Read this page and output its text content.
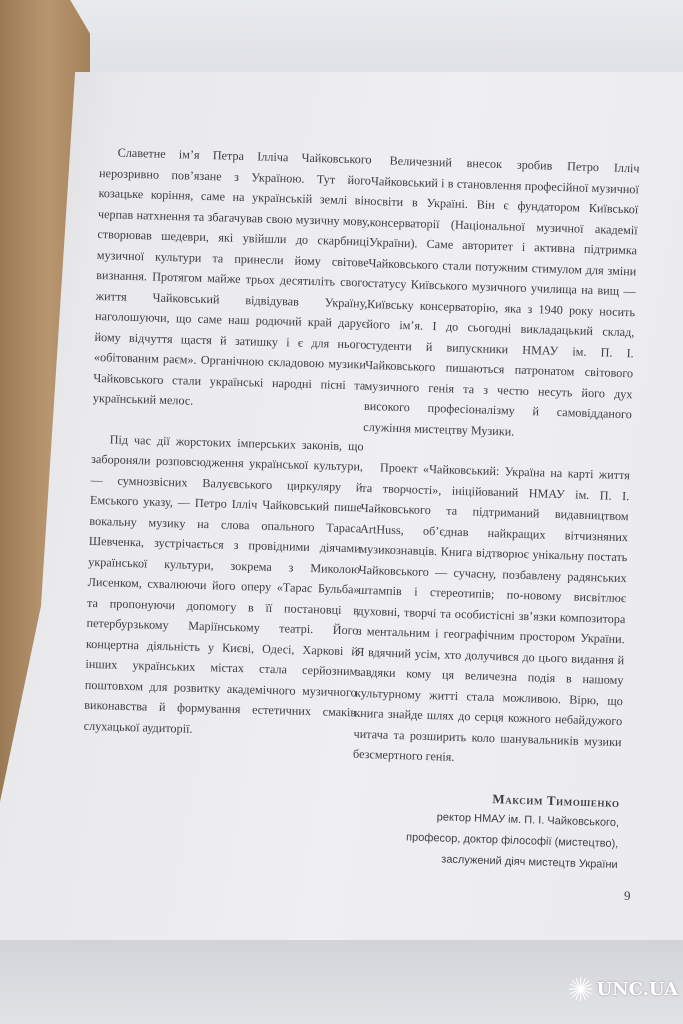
Славетне ім’я Петра Ілліча Чайковського нерозривно пов’язане з Україною. Тут його козацьке коріння, саме на українській землі він черпав натхнення та збагачував свою музичну мову, створював шедеври, які увійшли до скарбниці музичної культури та принесли йому світове визнання. Протягом майже трьох десятиліть свого життя Чайковський відвідував Україну, наголошуючи, що саме наш родючий край дарує йому відчуття щастя й затишку і є для нього «обітованим раєм». Органічною складовою музики Чайковського стали українські народні пісні та український мелос.

Під час дії жорстоких імперських законів, що забороняли розповсюдження української культури, — сумнозвісних Валуєвського циркуляру й Емського указу, — Петро Ілліч Чайковський пише вокальну музику на слова опального Тараса Шевченка, зустрічається з провідними діячами української культури, зокрема з Миколою Лисенком, схвалюючи його оперу «Тарас Бульба» та пропонуючи допомогу в її постановці в петербурзькому Маріїнському театрі. Його концертна діяльність у Києві, Одесі, Харкові й інших українських містах стала серйозним поштовхом для розвитку академічного музичного виконавства й формування естетичних смаків слухацької аудиторії.

Величезний внесок зробив Петро Ілліч Чайковський і в становлення професійної музичної освіти в Україні. Він є фундатором Київської консерваторії (Національної музичної академії України). Саме авторитет і активна підтримка Чайковського стали потужним стимулом для зміни статусу Київського музичного училища на вищ — Київську консерваторію, яка з 1940 року носить його ім’я. І до сьогодні викладацький склад, студенти й випускники НМАУ ім. П. І. Чайковського пишаються патронатом світового музичного генія та з честю несуть його дух високого професіоналізму й самовідданого служіння мистецтву Музики.

Проект «Чайковський: Україна на карті життя та творчості», ініційований НМАУ ім. П. І. Чайковського та підтриманий видавництвом ArtHuss, об’єднав найкращих вітчизняних музикознавців. Книга відтворює унікальну постать Чайковського — сучасну, позбавлену радянських штампів і стереотипів; по-новому висвітлює духовні, творчі та особистісні зв’язки композитора з ментальним і географічним простором України. Я вдячний усім, хто долучився до цього видання й завдяки кому ця величезна подія в нашому культурному житті стала можливою. Вірю, що книга знайде шлях до серця кожного небайдужого читача та розширить коло шанувальників музики безсмертного генія.

Максим Тимошенко
ректор НМАУ ім. П. І. Чайковського,
професор, доктор філософії (мистецтво),
заслужений діяч мистецтв України
9
UNC.UA
